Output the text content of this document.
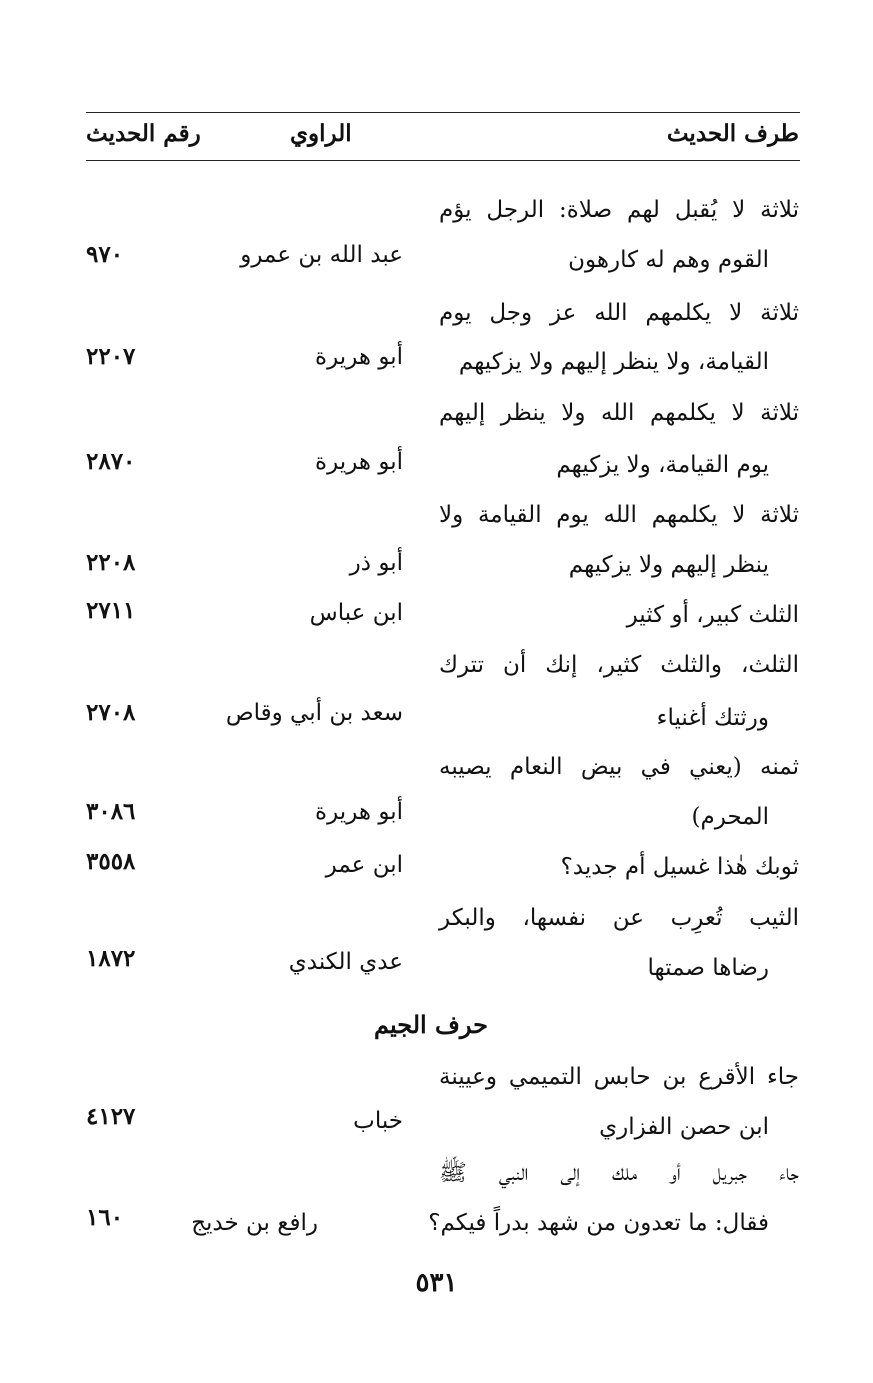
طرف الحديث
الراوي
رقم الحديث
ثلاثة لا يُقبل لهم صلاة: الرجل يؤم
القوم وهم له كارهون
عبد الله بن عمرو
٩٧٠
ثلاثة لا يكلمهم الله عز وجل يوم
القيامة، ولا ينظر إليهم ولا يزكيهم
أبو هريرة
٢٢٠٧
ثلاثة لا يكلمهم الله ولا ينظر إليهم
يوم القيامة، ولا يزكيهم
أبو هريرة
٢٨٧٠
ثلاثة لا يكلمهم الله يوم القيامة ولا
ينظر إليهم ولا يزكيهم
أبو ذر
٢٢٠٨
الثلث كبير، أو كثير
ابن عباس
٢٧١١
الثلث، والثلث كثير، إنك أن تترك
ورثتك أغنياء
سعد بن أبي وقاص
٢٧٠٨
ثمنه (يعني في بيض النعام يصيبه
المحرم)
أبو هريرة
٣٠٨٦
ثوبك هٰذا غسيل أم جديد؟
ابن عمر
٣٥٥٨
الثيب تُعرِب عن نفسها، والبكر
رضاها صمتها
عدي الكندي
١٨٧٢
حرف الجيم
جاء الأقرع بن حابس التميمي وعيينة
ابن حصن الفزاري
خباب
٤١٢٧
جاء جبريل أو ملك إلى النبي ﷺ
فقال: ما تعدون من شهد بدراً فيكم؟
رافع بن خديج
١٦٠
٥٣١
